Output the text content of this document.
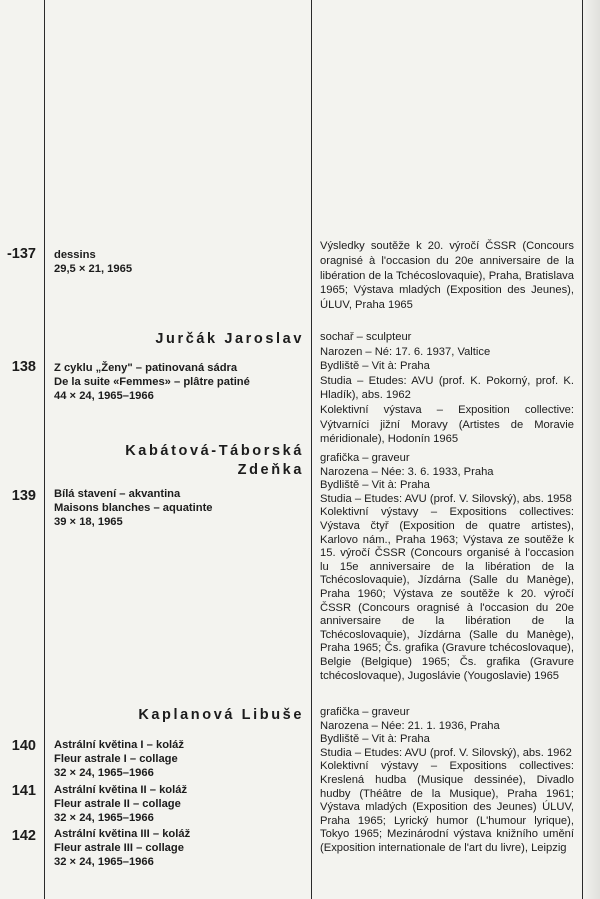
-137 dessins
29,5 × 21, 1965
Výsledky soutěže k 20. výročí ČSSR (Concours oragnisé à l'occasion du 20e anniversaire de la libération de la Tchécoslovaquie), Praha, Bratislava 1965; Výstava mladých (Exposition des Jeunes), ÚLUV, Praha 1965
Jurčák Jaroslav
138 Z cyklu „Ženy" – patinovaná sádra
De la suite «Femmes» – plâtre patiné
44 × 24, 1965–1966
sochař – sculpteur
Narozen – Né: 17. 6. 1937, Valtice
Bydliště – Vit à: Praha
Studia – Etudes: AVU (prof. K. Pokorný, prof. K. Hladík), abs. 1962
Kolektivní výstava – Exposition collective: Výtvarníci jižní Moravy (Artistes de Moravie méridionale), Hodonín 1965
Kabátová-Táborská
Zdeňka
139 Bílá stavení – akvantina
Maisons blanches – aquatinte
39 × 18, 1965
grafička – graveur
Narozena – Née: 3. 6. 1933, Praha
Bydliště – Vit à: Praha
Studia – Etudes: AVU (prof. V. Silovský), abs. 1958
Kolektivní výstavy – Expositions collectives: Výstava čtyř (Exposition de quatre artistes), Karlovo nám., Praha 1963; Výstava ze soutěže k 15. výročí ČSSR (Concours organisé à l'occasion lu 15e anniversaire de la libération de la Tchécoslovaquie), Jízdárna (Salle du Manège), Praha 1960; Výstava ze soutěže k 20. výročí ČSSR (Concours oragnisé à l'occasion du 20e anniversaire de la libération de la Tchécoslovaquie), Jízdárna (Salle du Manège), Praha 1965; Čs. grafika (Gravure tchécoslovaque), Belgie (Belgique) 1965; Čs. grafika (Gravure tchécoslovaque), Jugoslávie (Yougoslavie) 1965
Kaplanová Libuše
140 Astrální květina I – koláž
Fleur astrale I – collage
32 × 24, 1965–1966
141 Astrální květina II – koláž
Fleur astrale II – collage
32 × 24, 1965–1966
142 Astrální květina III – koláž
Fleur astrale III – collage
32 × 24, 1965–1966
grafička – graveur
Narozena – Née: 21. 1. 1936, Praha
Bydliště – Vit à: Praha
Studia – Etudes: AVU (prof. V. Silovský), abs. 1962
Kolektivní výstavy – Expositions collectives: Kreslená hudba (Musique dessinée), Divadlo hudby (Théâtre de la Musique), Praha 1961; Výstava mladých (Exposition des Jeunes) ÚLUV, Praha 1965; Lyrický humor (L'humour lyrique), Tokyo 1965; Mezinárodní výstava knižního umění (Exposition internationale de l'art du livre), Leipzig
